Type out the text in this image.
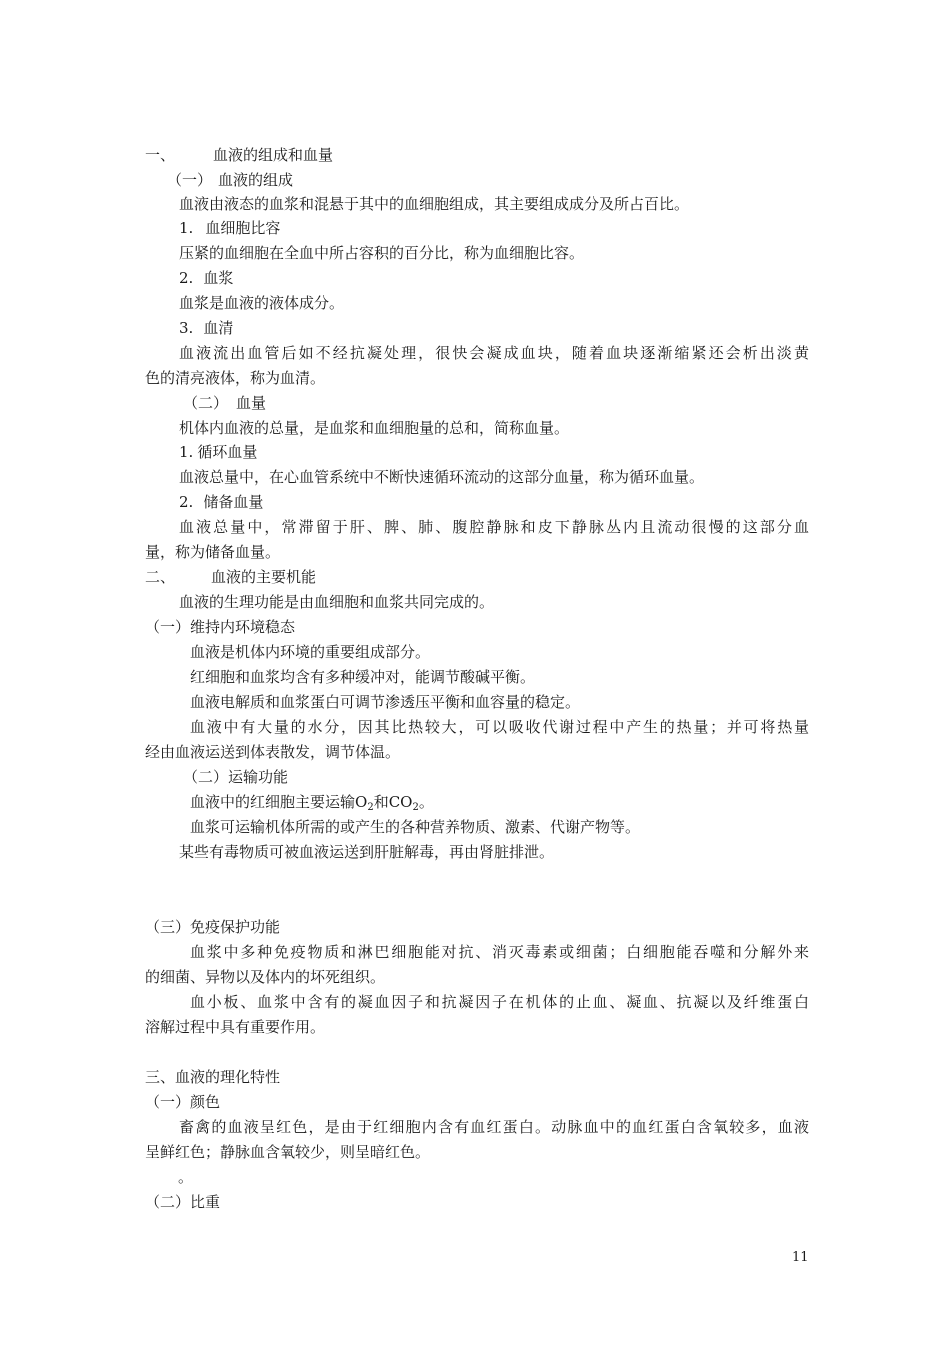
一、	血液的组成和血量
（一） 血液的组成
血液由液态的血浆和混悬于其中的血细胞组成，其主要组成成分及所占百比。
1. 血细胞比容
压紧的血细胞在全血中所占容积的百分比，称为血细胞比容。
2. 血浆
血浆是血液的液体成分。
3. 血清
血液流出血管后如不经抗凝处理，很快会凝成血块，随着血块逐渐缩紧还会析出淡黄
色的清亮液体，称为血清。
（二） 血量
机体内血液的总量，是血浆和血细胞量的总和，简称血量。
1. 循环血量
血液总量中，在心血管系统中不断快速循环流动的这部分血量，称为循环血量。
2. 储备血量
血液总量中，常滞留于肝、脾、肺、腹腔静脉和皮下静脉丛内且流动很慢的这部分血
量，称为储备血量。
二、 血液的主要机能
血液的生理功能是由血细胞和血浆共同完成的。
（一）维持内环境稳态
血液是机体内环境的重要组成部分。
红细胞和血浆均含有多种缓冲对，能调节酸碱平衡。
血液电解质和血浆蛋白可调节渗透压平衡和血容量的稳定。
血液中有大量的水分，因其比热较大，可以吸收代谢过程中产生的热量；并可将热量
经由血液运送到体表散发，调节体温。
（二）运输功能
血液中的红细胞主要运输$O_2$和$CO_2$。
血浆可运输机体所需的或产生的各种营养物质、激素、代谢产物等。
某些有毒物质可被血液运送到肝脏解毒，再由肾脏排泄。
（三）免疫保护功能
血浆中多种免疫物质和淋巴细胞能对抗、消灭毒素或细菌；白细胞能吞噬和分解外来
的细菌、异物以及体内的坏死组织。
血小板、血浆中含有的凝血因子和抗凝因子在机体的止血、凝血、抗凝以及纤维蛋白
溶解过程中具有重要作用。
三、血液的理化特性
（一）颜色
畜禽的血液呈红色，是由于红细胞内含有血红蛋白。动脉血中的血红蛋白含氧较多，血液
呈鲜红色；静脉血含氧较少，则呈暗红色。
。
（二）比重
11
